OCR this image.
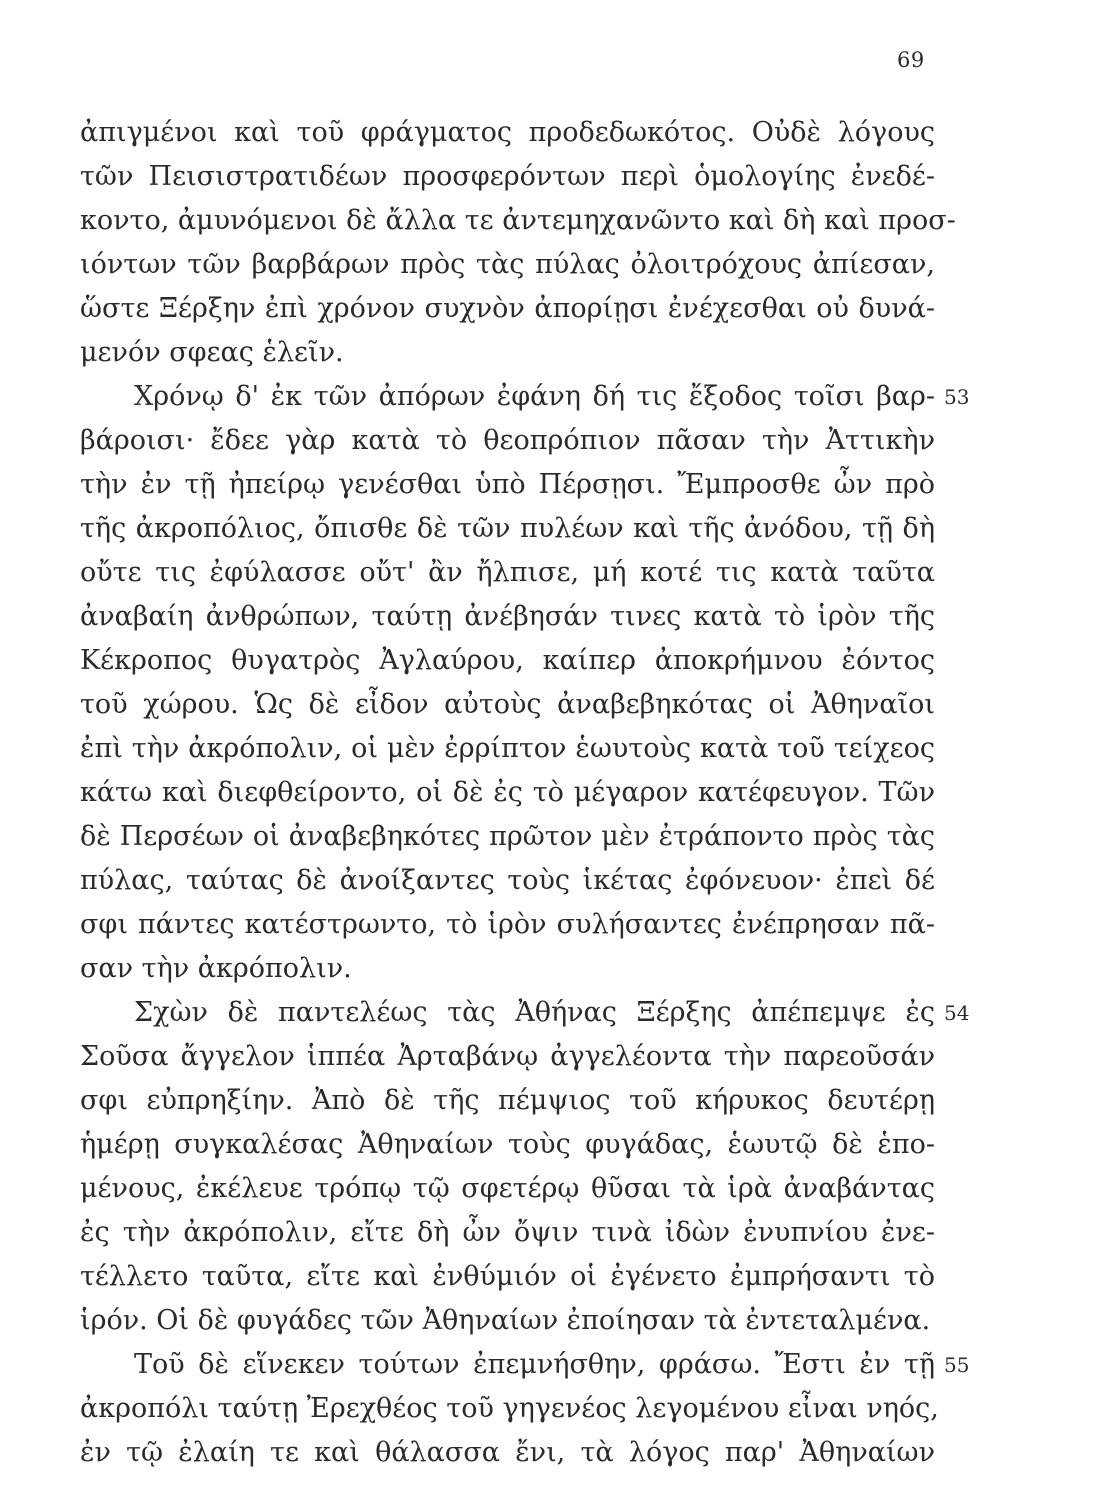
69
ἀπιγμένοι καὶ τοῦ φράγματος προδεδωκότος. Οὐδὲ λόγους
τῶν Πεισιστρατιδέων προσφερόντων περὶ ὁμολογίης ἐνεδέ-
κοντο, ἀμυνόμενοι δὲ ἄλλα τε ἀντεμηχανῶντο καὶ δὴ καὶ προσ-
ιόντων τῶν βαρβάρων πρὸς τὰς πύλας ὀλοιτρόχους ἀπίεσαν,
ὥστε Ξέρξην ἐπὶ χρόνον συχνὸν ἀπορίῃσι ἐνέχεσθαι οὐ δυνά-
μενόν σφεας ἑλεῖν.
Χρόνῳ δ' ἐκ τῶν ἀπόρων ἐφάνη δή τις ἔξοδος τοῖσι βαρ-
βάροισι· ἔδεε γὰρ κατὰ τὸ θεοπρόπιον πᾶσαν τὴν Ἀττικὴν
τὴν ἐν τῇ ἠπείρῳ γενέσθαι ὑπὸ Πέρσῃσι. Ἔμπροσθε ὦν πρὸ
τῆς ἀκροπόλιος, ὄπισθε δὲ τῶν πυλέων καὶ τῆς ἀνόδου, τῇ δὴ
οὔτε τις ἐφύλασσε οὔτ' ἂν ἤλπισε, μή κοτέ τις κατὰ ταῦτα
ἀναβαίη ἀνθρώπων, ταύτῃ ἀνέβησάν τινες κατὰ τὸ ἱρὸν τῆς
Κέκροπος θυγατρὸς Ἀγλαύρου, καίπερ ἀποκρήμνου ἐόντος
τοῦ χώρου. Ὡς δὲ εἶδον αὐτοὺς ἀναβεβηκότας οἱ Ἀθηναῖοι
ἐπὶ τὴν ἀκρόπολιν, οἱ μὲν ἐρρίπτον ἑωυτοὺς κατὰ τοῦ τείχεος
κάτω καὶ διεφθείροντο, οἱ δὲ ἐς τὸ μέγαρον κατέφευγον. Τῶν
δὲ Περσέων οἱ ἀναβεβηκότες πρῶτον μὲν ἐτράποντο πρὸς τὰς
πύλας, ταύτας δὲ ἀνοίξαντες τοὺς ἱκέτας ἐφόνευον· ἐπεὶ δέ
σφι πάντες κατέστρωντο, τὸ ἱρὸν συλήσαντες ἐνέπρησαν πᾶ-
σαν τὴν ἀκρόπολιν.
Σχὼν δὲ παντελέως τὰς Ἀθήνας Ξέρξης ἀπέπεμψε ἐς
Σοῦσα ἄγγελον ἱππέα Ἀρταβάνῳ ἀγγελέοντα τὴν παρεοῦσάν
σφι εὐπρηξίην. Ἀπὸ δὲ τῆς πέμψιος τοῦ κήρυκος δευτέρῃ
ἡμέρῃ συγκαλέσας Ἀθηναίων τοὺς φυγάδας, ἑωυτῷ δὲ ἑπο-
μένους, ἐκέλευε τρόπῳ τῷ σφετέρῳ θῦσαι τὰ ἱρὰ ἀναβάντας
ἐς τὴν ἀκρόπολιν, εἴτε δὴ ὦν ὄψιν τινὰ ἰδὼν ἐνυπνίου ἐνε-
τέλλετο ταῦτα, εἴτε καὶ ἐνθύμιόν οἱ ἐγένετο ἐμπρήσαντι τὸ
ἱρόν. Οἱ δὲ φυγάδες τῶν Ἀθηναίων ἐποίησαν τὰ ἐντεταλμένα.
Τοῦ δὲ εἵνεκεν τούτων ἐπεμνήσθην, φράσω. Ἔστι ἐν τῇ
ἀκροπόλι ταύτῃ Ἐρεχθέος τοῦ γηγενέος λεγομένου εἶναι νηός,
ἐν τῷ ἐλαίη τε καὶ θάλασσα ἔνι, τὰ λόγος παρ' Ἀθηναίων
53
54
55
